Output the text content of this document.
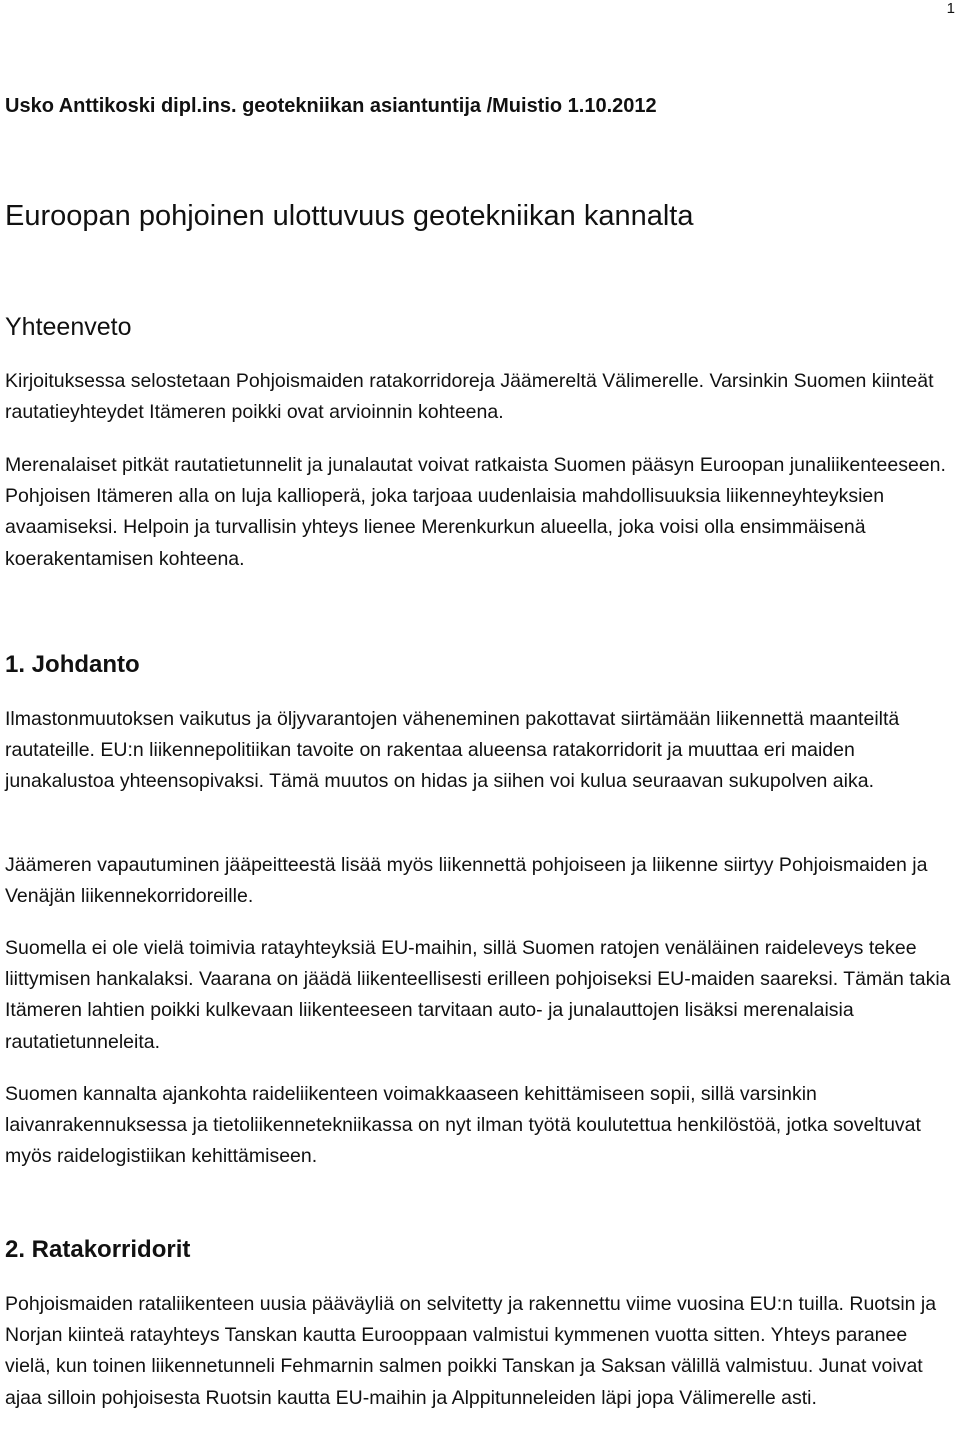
1
Usko Anttikoski dipl.ins. geotekniikan asiantuntija /Muistio 1.10.2012
Euroopan pohjoinen ulottuvuus geotekniikan kannalta
Yhteenveto

Kirjoituksessa selostetaan Pohjoismaiden ratakorridoreja Jäämereltä Välimerelle. Varsinkin Suomen kiinteät rautatieyhteydet Itämeren poikki ovat arvioinnin kohteena.

Merenalaiset pitkät rautatietunnelit ja junalautat voivat ratkaista Suomen pääsyn Euroopan junaliikenteeseen. Pohjoisen Itämeren alla on luja kallioperä, joka tarjoaa uudenlaisia mahdollisuuksia liikenneyhteyksien avaamiseksi. Helpoin ja turvallisin yhteys lienee Merenkurkun alueella, joka voisi olla ensimmäisenä koerakentamisen kohteena.

1. Johdanto

Ilmastonmuutoksen vaikutus ja öljyvarantojen väheneminen pakottavat siirtämään liikennettä maanteiltä rautateille. EU:n liikennepolitiikan tavoite on rakentaa alueensa ratakorridorit ja muuttaa eri maiden junakalustoa yhteensopivaksi. Tämä muutos on hidas ja siihen voi kulua seuraavan sukupolven aika.

Jäämeren vapautuminen jääpeitteestä lisää myös liikennettä pohjoiseen ja liikenne siirtyy Pohjoismaiden ja Venäjän liikennekorridoreille.

Suomella ei ole vielä toimivia ratayhteyksiä EU-maihin, sillä Suomen ratojen venäläinen raideleveys tekee liittymisen hankalaksi. Vaarana on jäädä liikenteellisesti erilleen pohjoiseksi EU-maiden saareksi. Tämän takia Itämeren lahtien poikki kulkevaan liikenteeseen tarvitaan auto- ja junalauttojen lisäksi merenalaisia rautatietunneleita.

Suomen kannalta ajankohta raideliikenteen voimakkaaseen kehittämiseen sopii, sillä varsinkin laivanrakennuksessa ja tietoliikennetekniikassa on nyt ilman työtä koulutettua henkilöstöä, jotka soveltuvat myös raidelogistiikan kehittämiseen.

2. Ratakorridorit

Pohjoismaiden rataliikenteen uusia pääväyliä on selvitetty ja rakennettu viime vuosina EU:n tuilla. Ruotsin ja Norjan kiinteä ratayhteys Tanskan kautta Eurooppaan valmistui kymmenen vuotta sitten. Yhteys paranee vielä, kun toinen liikennetunneli Fehmarnin salmen poikki Tanskan ja Saksan välillä valmistuu. Junat voivat ajaa silloin pohjoisesta Ruotsin kautta EU-maihin ja Alppitunneleiden läpi jopa Välimerelle asti.
